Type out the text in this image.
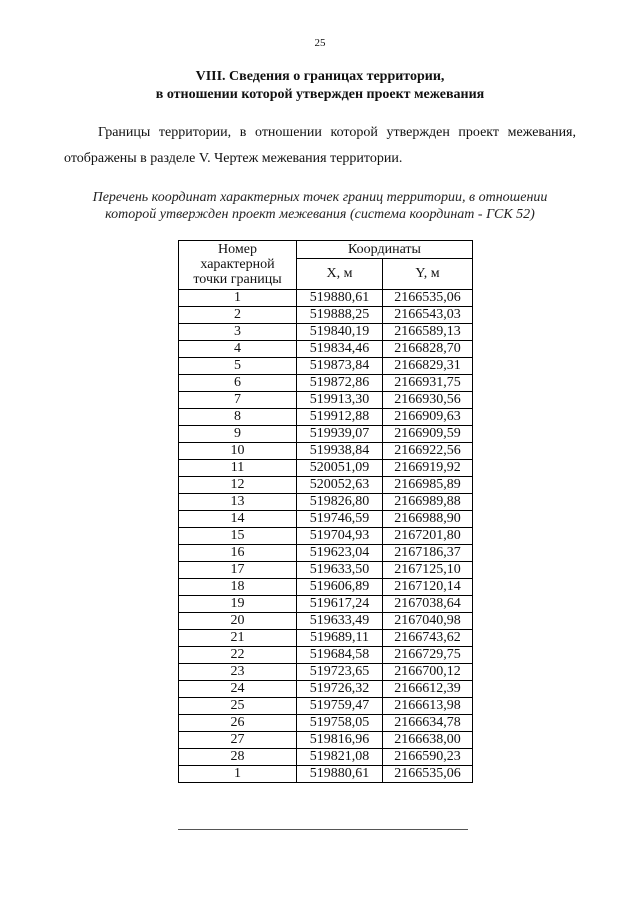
25
VIII. Сведения о границах территории,
в отношении которой утвержден проект межевания
Границы территории, в отношении которой утвержден проект межевания,
отображены в разделе V. Чертеж межевания территории.
Перечень координат характерных точек границ территории, в отношении
которой утвержден проект межевания (система координат - ГСК 52)
Номер
характерной
точки границы	Координаты	
	X, м	Y, м
1	519880,61	2166535,06
2	519888,25	2166543,03
3	519840,19	2166589,13
4	519834,46	2166828,70
5	519873,84	2166829,31
6	519872,86	2166931,75
7	519913,30	2166930,56
8	519912,88	2166909,63
9	519939,07	2166909,59
10	519938,84	2166922,56
11	520051,09	2166919,92
12	520052,63	2166985,89
13	519826,80	2166989,88
14	519746,59	2166988,90
15	519704,93	2167201,80
16	519623,04	2167186,37
17	519633,50	2167125,10
18	519606,89	2167120,14
19	519617,24	2167038,64
20	519633,49	2167040,98
21	519689,11	2166743,62
22	519684,58	2166729,75
23	519723,65	2166700,12
24	519726,32	2166612,39
25	519759,47	2166613,98
26	519758,05	2166634,78
27	519816,96	2166638,00
28	519821,08	2166590,23
1	519880,61	2166535,06
